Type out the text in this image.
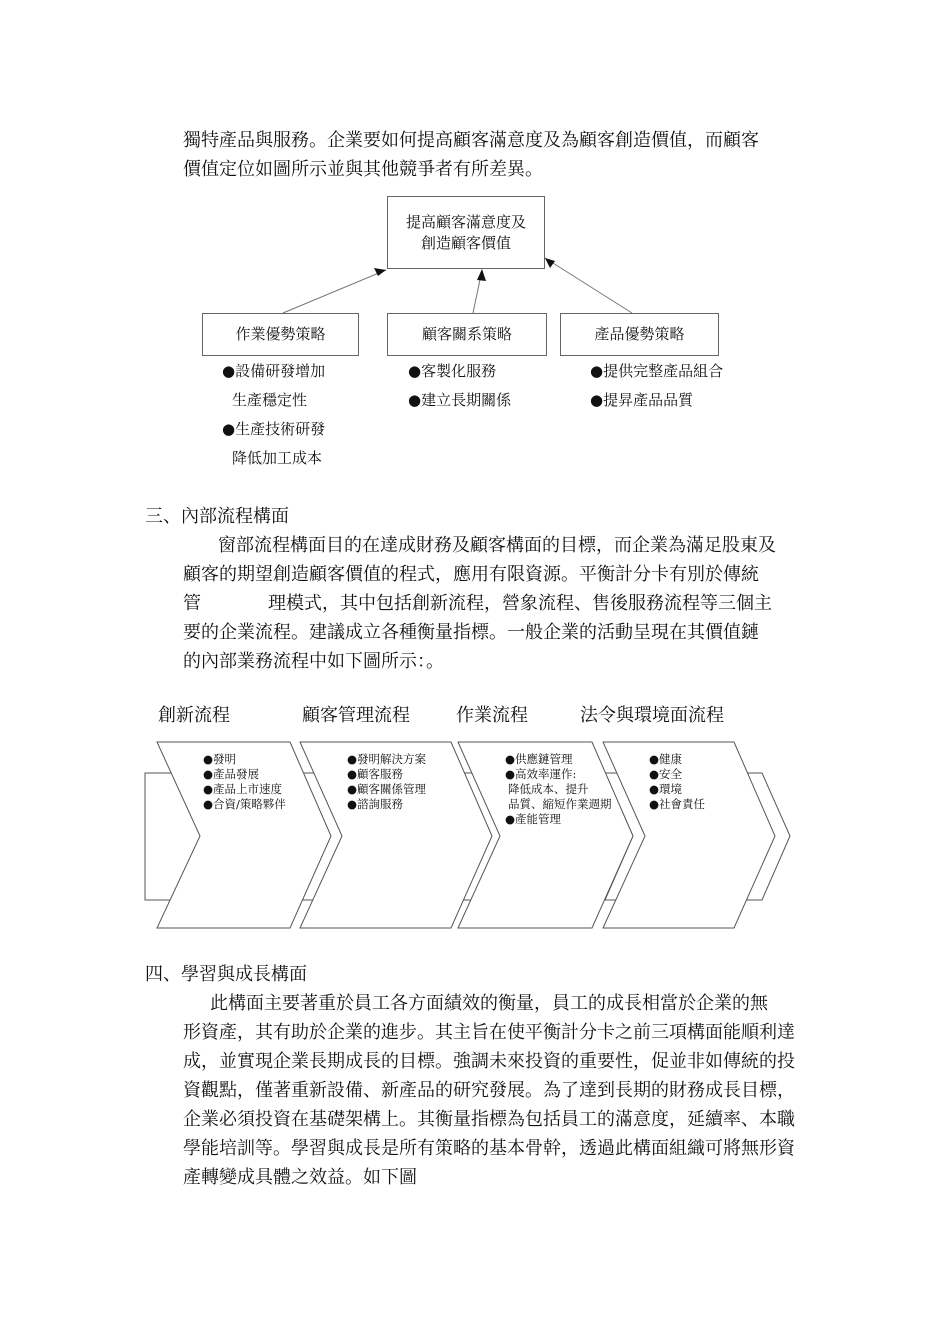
獨特產品與服務。企業要如何提高顧客滿意度及為顧客創造價值，而顧客
價值定位如圖所示並與其他競爭者有所差異。
提高顧客滿意度及
創造顧客價值
作業優勢策略	顧客關系策略	產品優勢策略
●設備研發增加
生產穩定性
●生產技術研發
降低加工成本
●客製化服務
●建立長期關係
●提供完整產品組合
●提昇產品品質
三、內部流程構面
窗部流程構面目的在達成財務及顧客構面的目標，而企業為滿足股東及
顧客的期望創造顧客價值的程式，應用有限資源。平衡計分卡有別於傳統
管	理模式，其中包括創新流程，營象流程、售後服務流程等三個主
要的企業流程。建議成立各種衡量指標。一般企業的活動呈現在其價值鏈
的內部業務流程中如下圖所示：。
創新流程	顧客管理流程	作業流程	法令與環境面流程
●發明
●產品發展
●產品上市速度
●合資/策略夥伴
●發明解決方案
●顧客服務
●顧客關係管理
●諮詢服務
●供應鏈管理
●高效率運作:
降低成本、提升
品質、縮短作業週期
●產能管理
●健康
●安全
●環境
●社會責任
四、學習與成長構面
此構面主要著重於員工各方面績效的衡量，員工的成長相當於企業的無
形資產，其有助於企業的進步。其主旨在使平衡計分卡之前三項構面能順利達
成，並實現企業長期成長的目標。強調未來投資的重要性，促並非如傳統的投
資觀點，僅著重新設備、新產品的研究發展。為了達到長期的財務成長目標，
企業必須投資在基礎架構上。其衡量指標為包括員工的滿意度，延續率、本職
學能培訓等。學習與成長是所有策略的基本骨幹，透過此構面組織可將無形資
產轉變成具體之效益。如下圖
